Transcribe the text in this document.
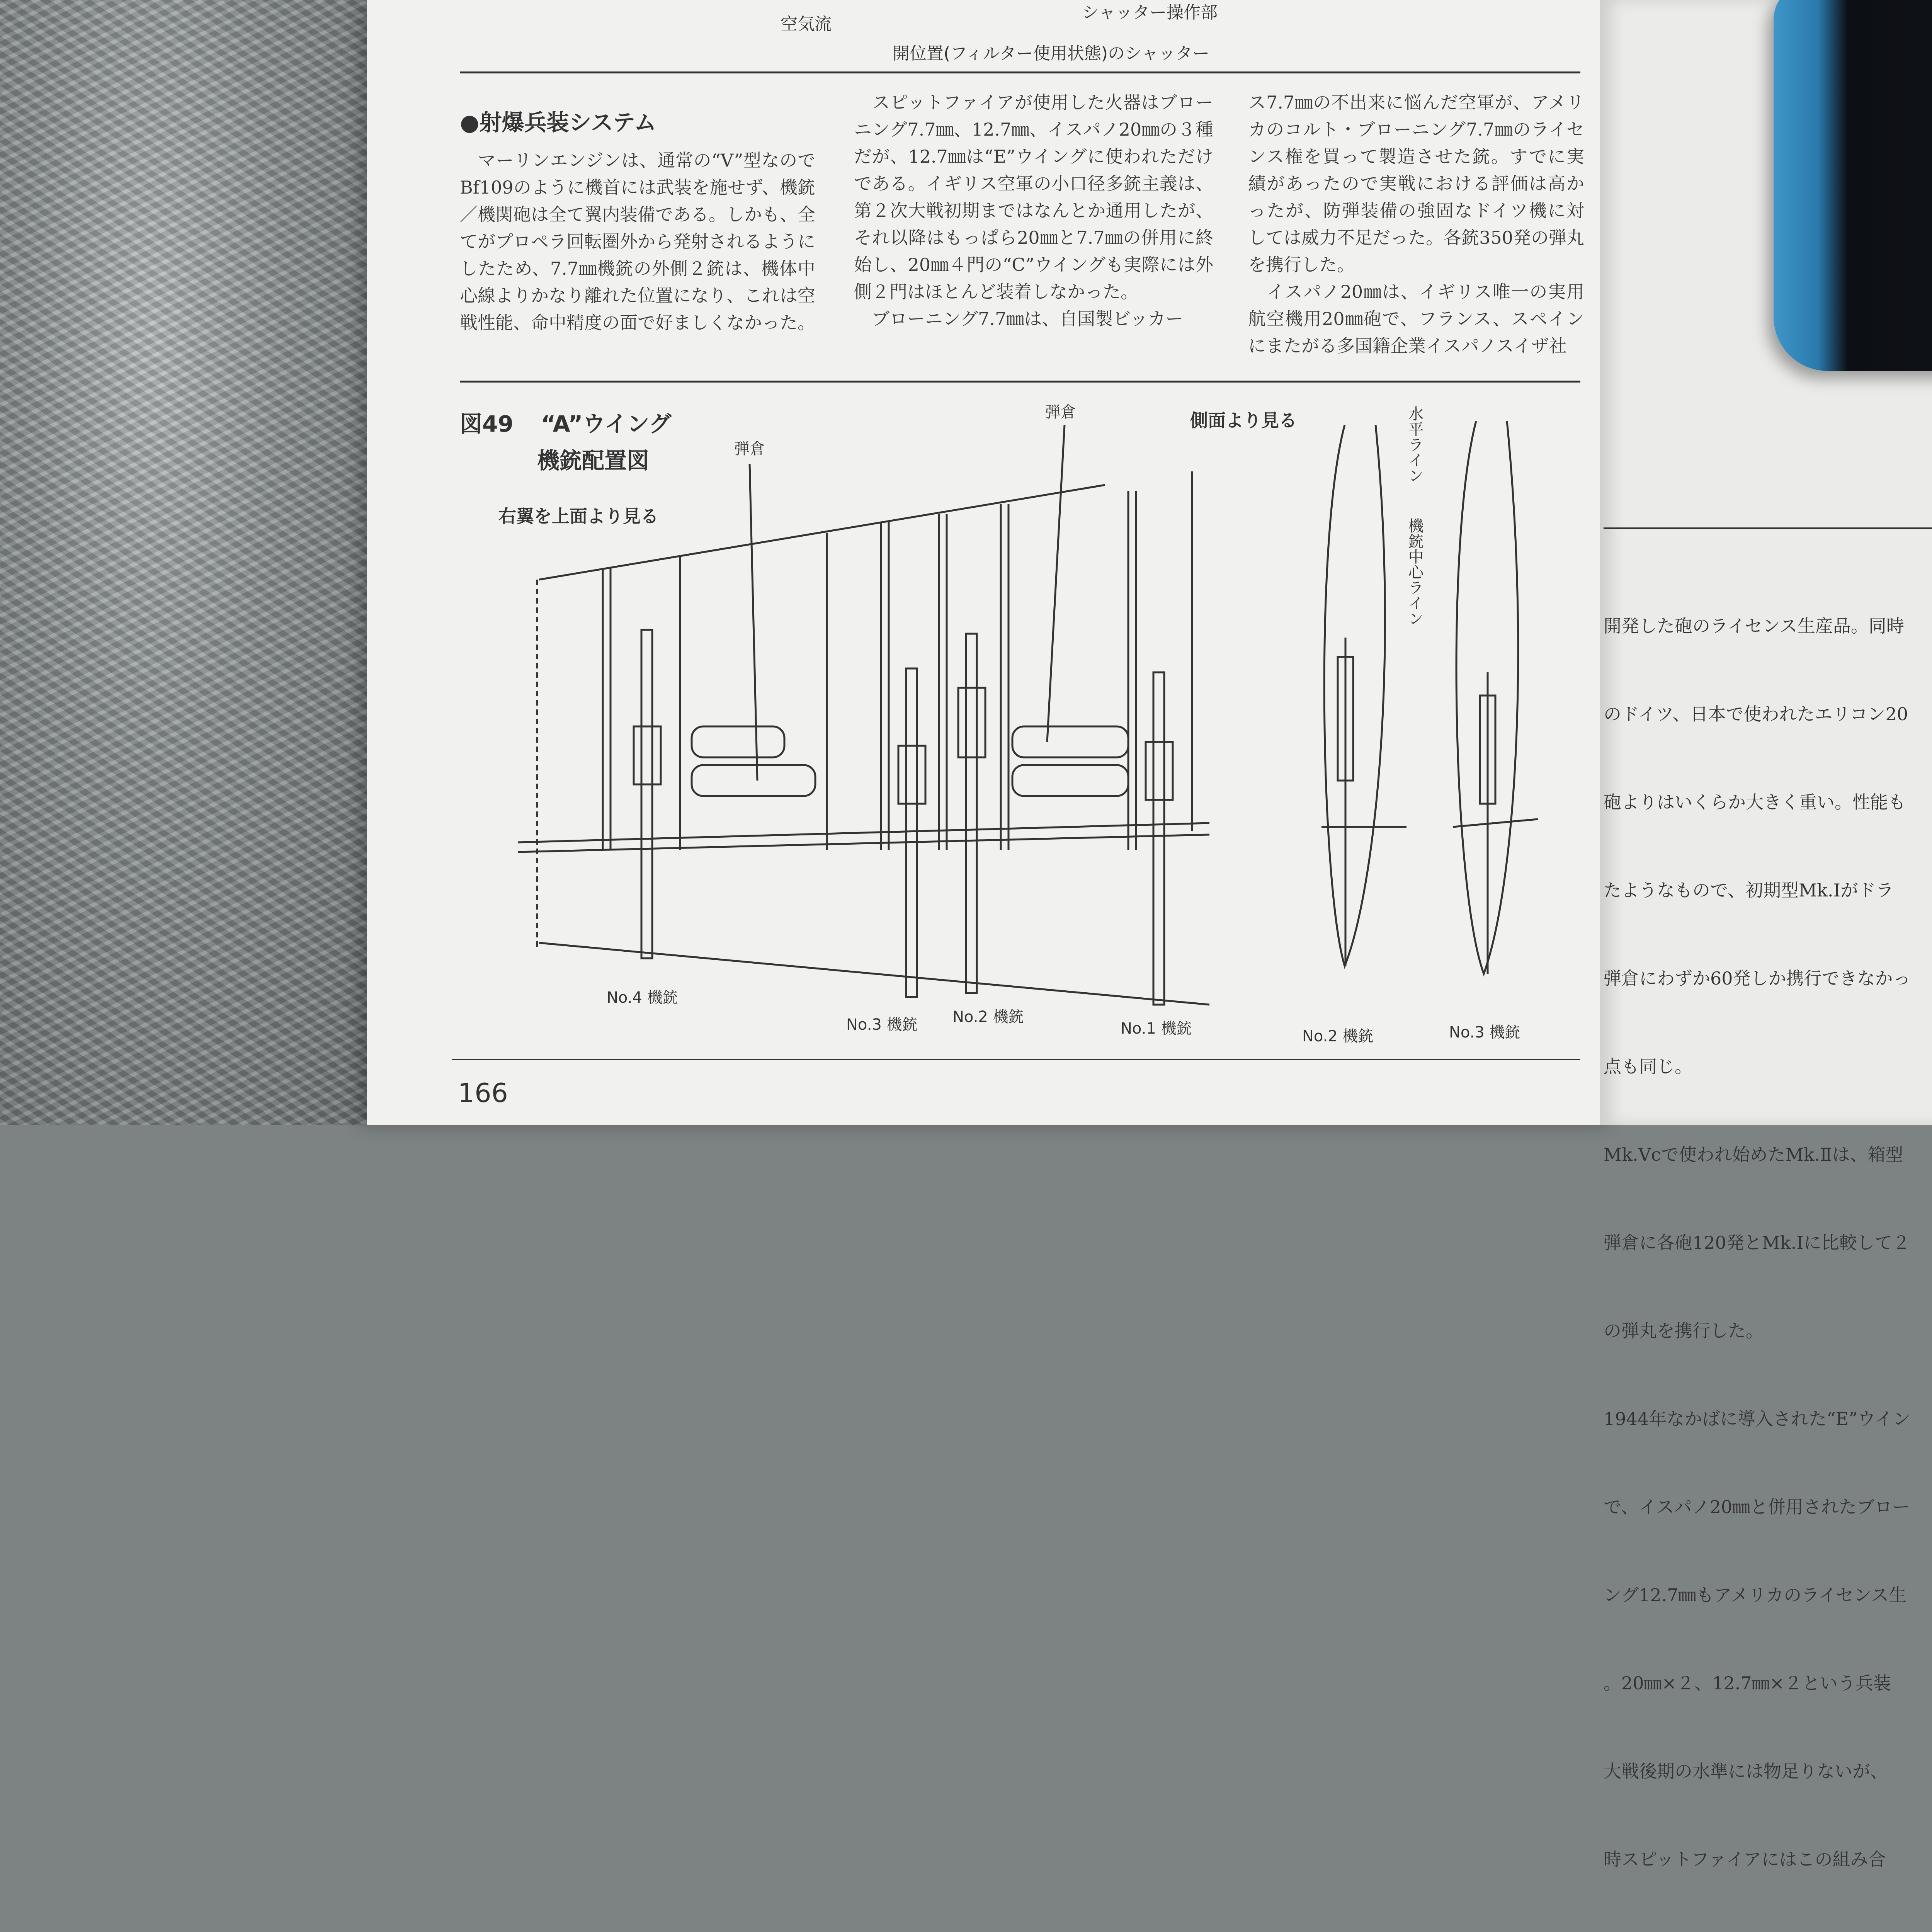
空気流
シャッター操作部
開位置(フィルター使用状態)のシャッター
●射爆兵装システム
　マーリンエンジンは、通常の“V”型なのでBf109のように機首には武装を施せず、機銃／機関砲は全て翼内装備である。しかも、全てがプロペラ回転圏外から発射されるようにしたため、7.7㎜機銃の外側２銃は、機体中心線よりかなり離れた位置になり、これは空戦性能、命中精度の面で好ましくなかった。
　スピットファイアが使用した火器はブローニング7.7㎜、12.7㎜、イスパノ20㎜の３種だが、12.7㎜は“E”ウイングに使われただけである。イギリス空軍の小口径多銃主義は、第２次大戦初期まではなんとか通用したが、それ以降はもっぱら20㎜と7.7㎜の併用に終始し、20㎜４門の“C”ウイングも実際には外側２門はほとんど装着しなかった。
　ブローニング7.7㎜は、自国製ビッカー
ス7.7㎜の不出来に悩んだ空軍が、アメリカのコルト・ブローニング7.7㎜のライセンス権を買って製造させた銃。すでに実績があったので実戦における評価は高かったが、防弾装備の強固なドイツ機に対しては威力不足だった。各銃350発の弾丸を携行した。
　イスパノ20㎜は、イギリス唯一の実用航空機用20㎜砲で、フランス、スペインにまたがる多国籍企業イスパノスイザ社
図49 “A”ウイング
機銃配置図
右翼を上面より見る
側面より見る
弾倉
弾倉	水平ライン
機銃中心ライン
No.4 機銃
No.3 機銃 No.2 機銃
No.1 機銃	No.2 機銃	No.3 機銃
166

開発した砲のライセンス生産品。同時

のドイツ、日本で使われたエリコン20

砲よりはいくらか大きく重い。性能も

たようなもので、初期型Mk.Ⅰがドラ

弾倉にわずか60発しか携行できなかっ

点も同じ。

Mk.Vcで使われ始めたMk.Ⅱは、箱型

弾倉に各砲120発とMk.Ⅰに比較して２

の弾丸を携行した。

1944年なかばに導入された“E”ウイン

で、イスパノ20㎜と併用されたブロー

ング12.7㎜もアメリカのライセンス生

。20㎜×２、12.7㎜×２という兵装

大戦後期の水準には物足りないが、

時スピットファイアにはこの組み合
